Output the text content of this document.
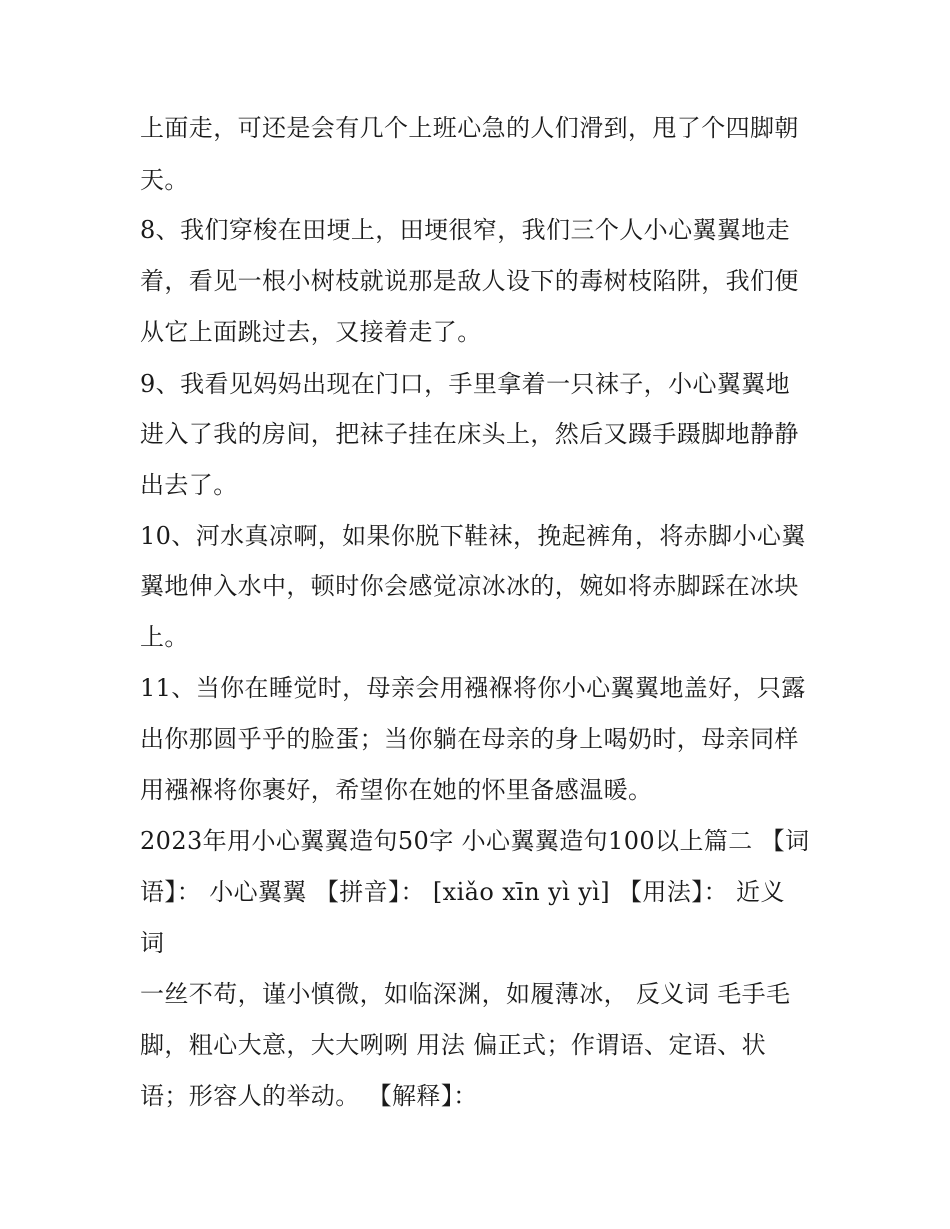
上面走，可还是会有几个上班心急的人们滑到，甩了个四脚朝
天。
8、我们穿梭在田埂上，田埂很窄，我们三个人小心翼翼地走
着，看见一根小树枝就说那是敌人设下的毒树枝陷阱，我们便
从它上面跳过去，又接着走了。
9、我看见妈妈出现在门口，手里拿着一只袜子，小心翼翼地
进入了我的房间，把袜子挂在床头上，然后又蹑手蹑脚地静静
出去了。
10、河水真凉啊，如果你脱下鞋袜，挽起裤角，将赤脚小心翼
翼地伸入水中，顿时你会感觉凉冰冰的，婉如将赤脚踩在冰块
上。
11、当你在睡觉时，母亲会用襁褓将你小心翼翼地盖好，只露
出你那圆乎乎的脸蛋；当你躺在母亲的身上喝奶时，母亲同样
用襁褓将你裹好，希望你在她的怀里备感温暖。
2023年用小心翼翼造句50字 小心翼翼造句100以上篇二 【词
语】： 小心翼翼 【拼音】： [xiǎo xīn yì yì] 【用法】： 近义
词
一丝不苟，谨小慎微，如临深渊，如履薄冰， 反义词 毛手毛
脚，粗心大意，大大咧咧 用法 偏正式；作谓语、定语、状
语；形容人的举动。 【解释】：
